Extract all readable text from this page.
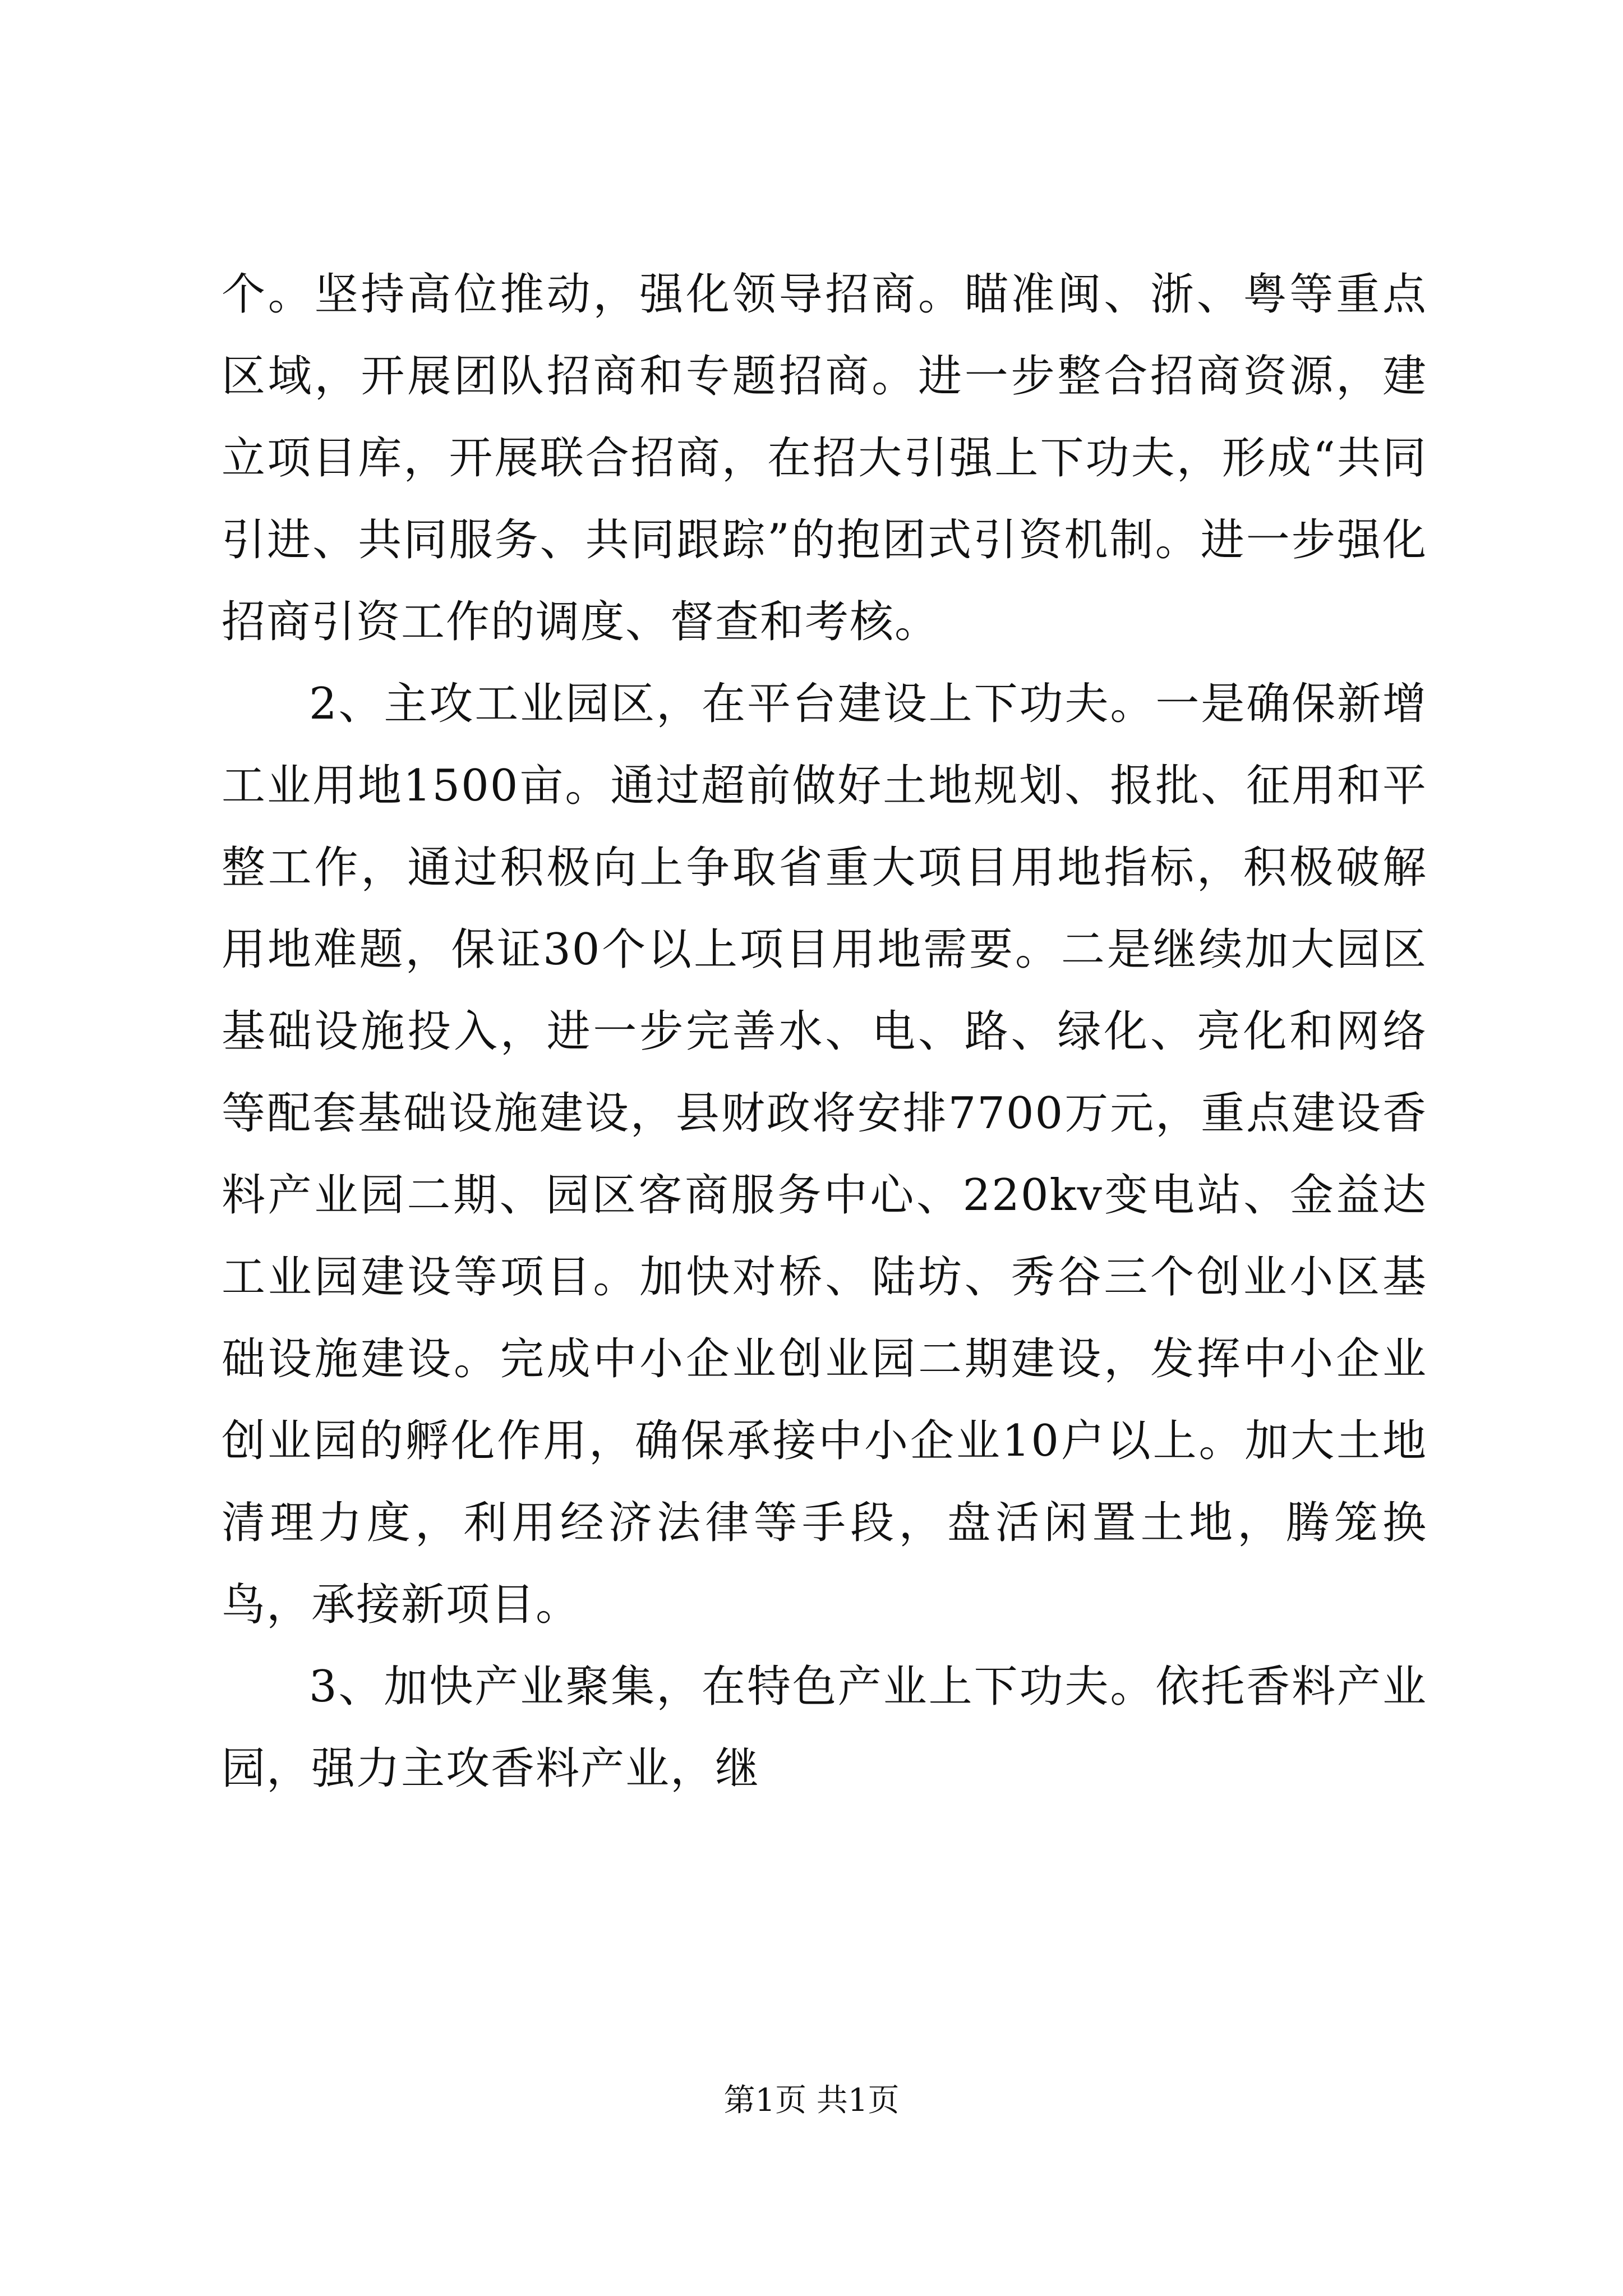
个。坚持高位推动，强化领导招商。瞄准闽、浙、粤等重点区域，开展团队招商和专题招商。进一步整合招商资源，建立项目库，开展联合招商，在招大引强上下功夫，形成“共同引进、共同服务、共同跟踪”的抱团式引资机制。进一步强化招商引资工作的调度、督查和考核。

2、主攻工业园区，在平台建设上下功夫。一是确保新增工业用地1500亩。通过超前做好土地规划、报批、征用和平整工作，通过积极向上争取省重大项目用地指标，积极破解用地难题，保证30个以上项目用地需要。二是继续加大园区基础设施投入，进一步完善水、电、路、绿化、亮化和网络等配套基础设施建设，县财政将安排7700万元，重点建设香料产业园二期、园区客商服务中心、220kv变电站、金益达工业园建设等项目。加快对桥、陆坊、秀谷三个创业小区基础设施建设。完成中小企业创业园二期建设，发挥中小企业创业园的孵化作用，确保承接中小企业10户以上。加大土地清理力度，利用经济法律等手段，盘活闲置土地，腾笼换鸟，承接新项目。

3、加快产业聚集，在特色产业上下功夫。依托香料产业园，强力主攻香料产业，继

第1页 共1页
